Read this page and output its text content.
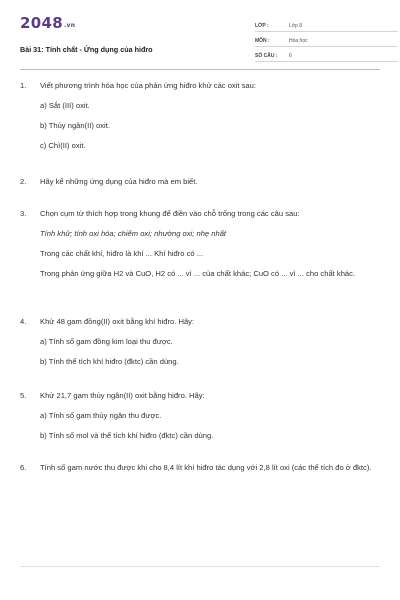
2048.vn
Bài 31: Tính chất - Ứng dụng của hiđro
LỚP :	Lớp 8
MÔN :	Hóa học
SỐ CÂU :	6
1. Viết phương trình hóa học của phản ứng hiđro khử các oxit sau:
a) Sắt (III) oxit.
b) Thủy ngân(II) oxit.
c) Chì(II) oxit.
2. Hãy kể những ứng dụng của hiđro mà em biết.
3. Chọn cụm từ thích hợp trong khung để điền vào chỗ trống trong các câu sau:
Tính khử; tính oxi hóa; chiếm oxi; nhường oxi; nhẹ nhất
Trong các chất khí, hiđro là khí ... Khí hiđro có ...
Trong phản ứng giữa H2 và CuO, H2 có ... vì ... của chất khác; CuO có ... vì ... cho chất khác.
4. Khử 48 gam đồng(II) oxit bằng khí hiđro. Hãy:
a) Tính số gam đồng kim loại thu được.
b) Tính thể tích khí hiđro (đktc) cần dùng.
5. Khử 21,7 gam thủy ngân(II) oxit bằng hiđro. Hãy:
a) Tính số gam thủy ngân thu được.
b) Tính số mol và thể tích khí hiđro (đktc) cần dùng.
6. Tính số gam nước thu được khi cho 8,4 lít khí hiđro tác dụng với 2,8 lít oxi (các thể tích đo ở đktc).
